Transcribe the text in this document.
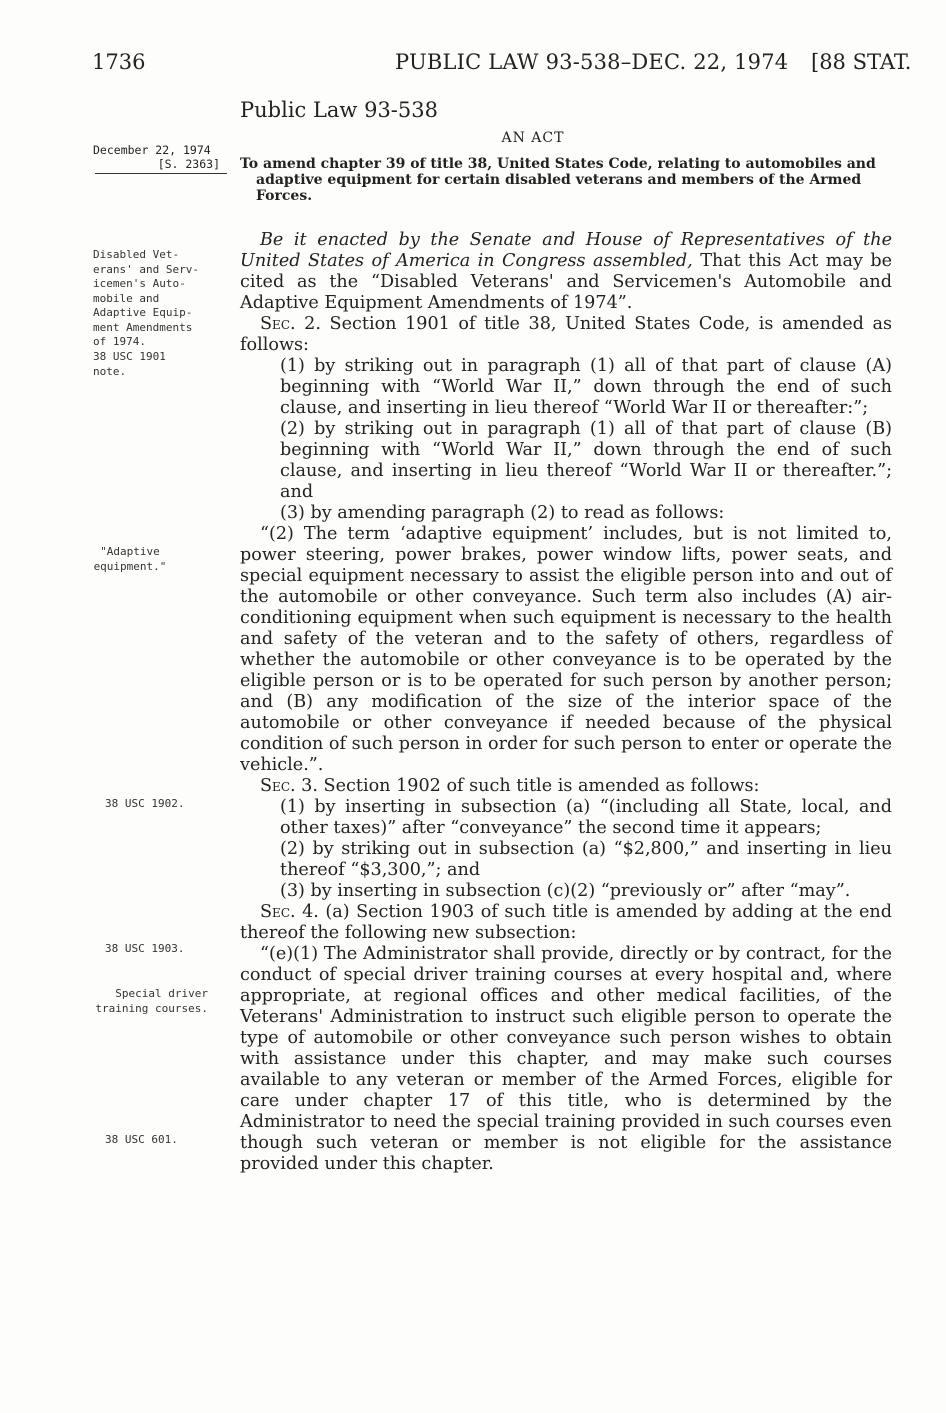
1736	PUBLIC LAW 93-538–DEC. 22, 1974 [88 STAT.
Public Law 93-538
AN ACT
December 22, 1974
[S. 2363]	To amend chapter 39 of title 38, United States Code, relating to automobiles and
adaptive equipment for certain disabled veterans and members of the Armed Forces.
Disabled Vet-
erans' and Serv-
icemen's Auto-
mobile and
Adaptive Equip-
ment Amendments
of 1974.
38 USC 1901
note.
"Adaptive
equipment."
38 USC 1902.
38 USC 1903.
Special driver
training courses.
38 USC 601.

Be it enacted by the Senate and House of Representatives of the United States of America in Congress assembled, That this Act may be cited as the “Disabled Veterans' and Servicemen's Automobile and Adaptive Equipment Amendments of 1974”.

Sec. 2. Section 1901 of title 38, United States Code, is amended as follows:

(1) by striking out in paragraph (1) all of that part of clause (A) beginning with “World War II,” down through the end of such clause, and inserting in lieu thereof “World War II or thereafter:”;

(2) by striking out in paragraph (1) all of that part of clause (B) beginning with “World War II,” down through the end of such clause, and inserting in lieu thereof “World War II or thereafter.”; and

(3) by amending paragraph (2) to read as follows:

“(2) The term ‘adaptive equipment’ includes, but is not limited to, power steering, power brakes, power window lifts, power seats, and special equipment necessary to assist the eligible person into and out of the automobile or other conveyance. Such term also includes (A) air-conditioning equipment when such equipment is necessary to the health and safety of the veteran and to the safety of others, regardless of whether the automobile or other conveyance is to be operated by the eligible person or is to be operated for such person by another person; and (B) any modification of the size of the interior space of the automobile or other conveyance if needed because of the physical condition of such person in order for such person to enter or operate the vehicle.”.

Sec. 3. Section 1902 of such title is amended as follows:

(1) by inserting in subsection (a) “(including all State, local, and other taxes)” after “conveyance” the second time it appears;

(2) by striking out in subsection (a) “$2,800,” and inserting in lieu thereof “$3,300,”; and

(3) by inserting in subsection (c)(2) “previously or” after “may”.

Sec. 4. (a) Section 1903 of such title is amended by adding at the end thereof the following new subsection:

“(e)(1) The Administrator shall provide, directly or by contract, for the conduct of special driver training courses at every hospital and, where appropriate, at regional offices and other medical facilities, of the Veterans' Administration to instruct such eligible person to operate the type of automobile or other conveyance such person wishes to obtain with assistance under this chapter, and may make such courses available to any veteran or member of the Armed Forces, eligible for care under chapter 17 of this title, who is determined by the Administrator to need the special training provided in such courses even though such veteran or member is not eligible for the assistance provided under this chapter.
